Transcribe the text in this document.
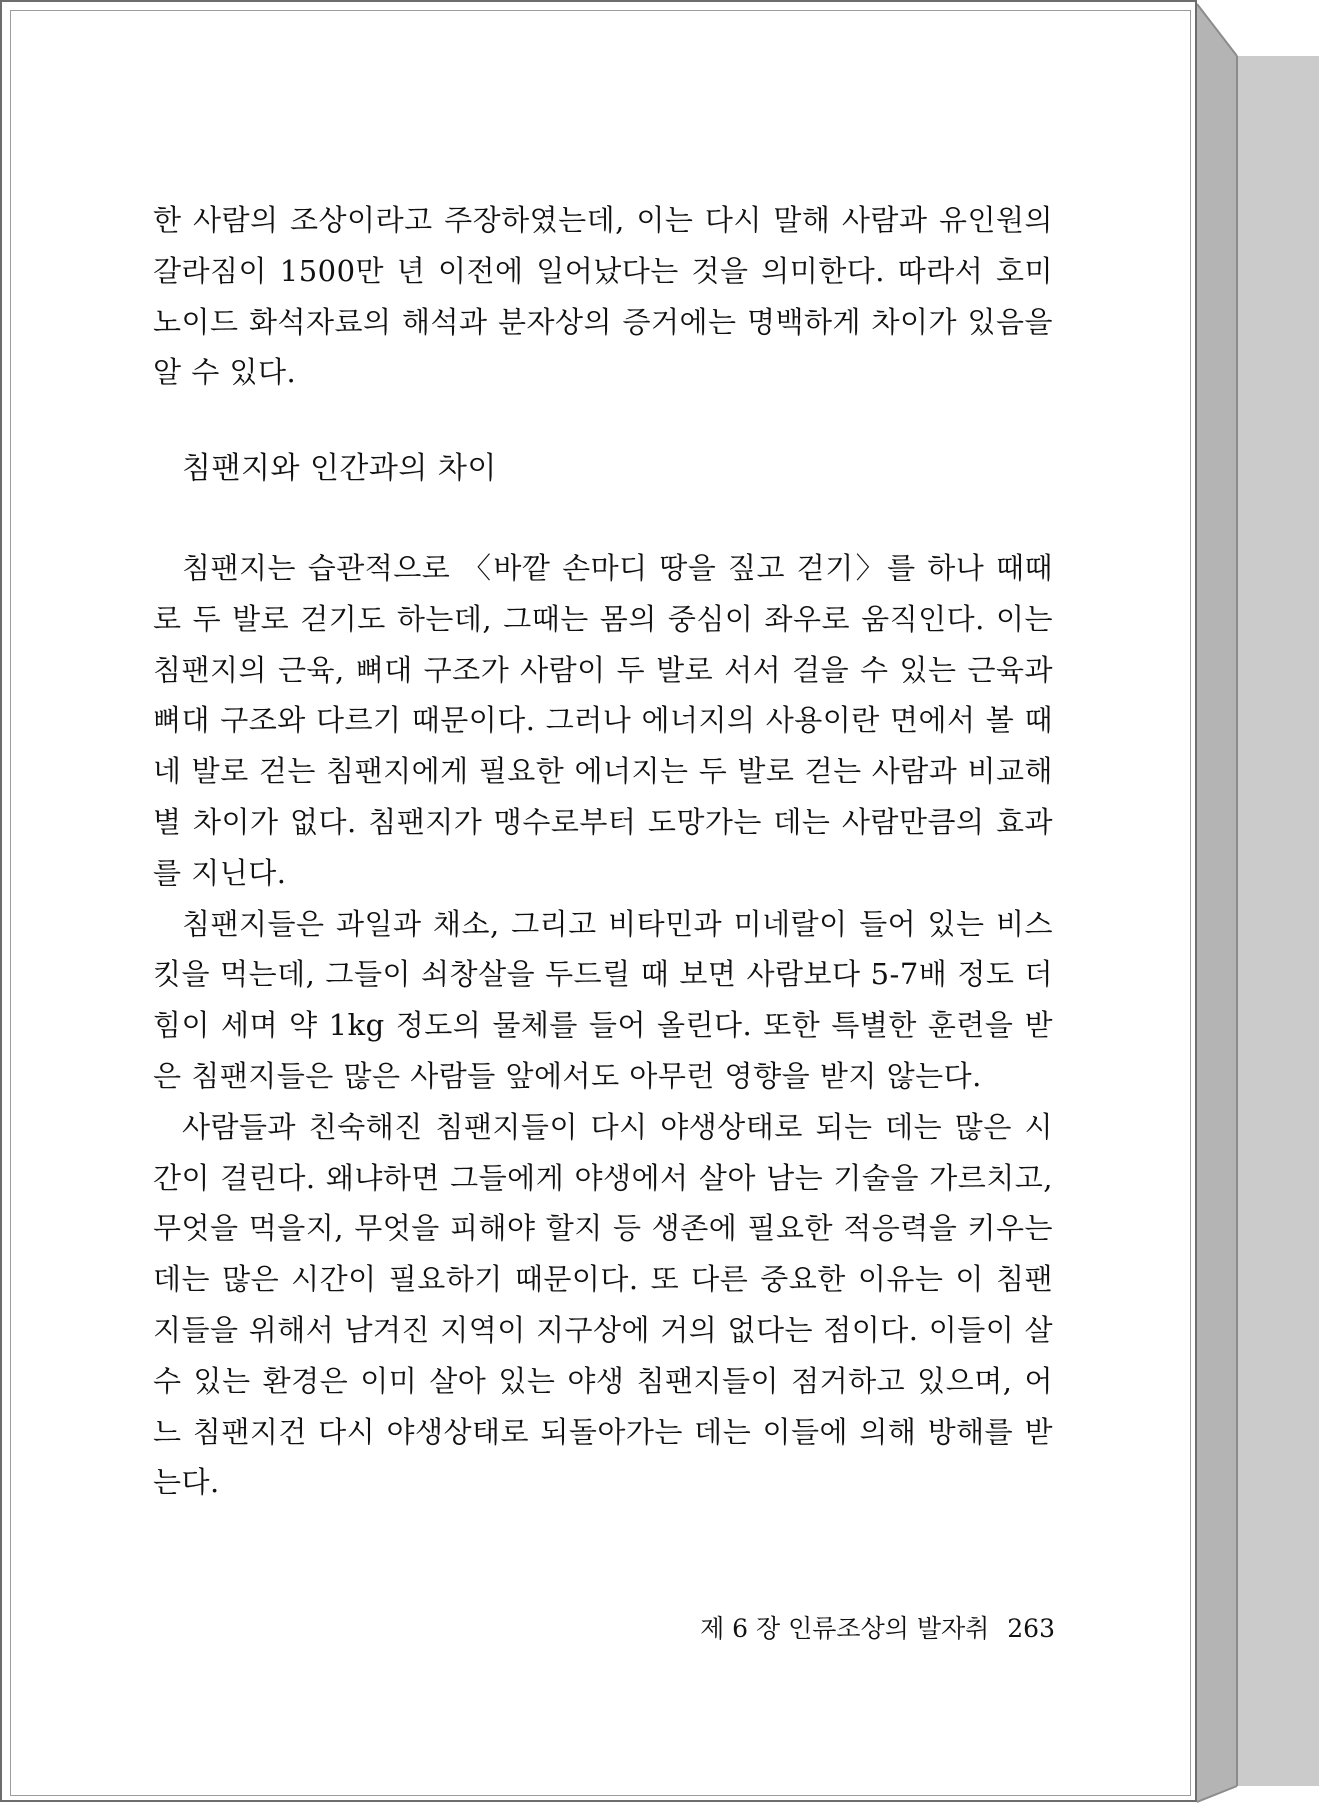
한 사람의 조상이라고 주장하였는데, 이는 다시 말해 사람과 유인원의 갈라짐이 1500만 년 이전에 일어났다는 것을 의미한다. 따라서 호미노이드 화석자료의 해석과 분자상의 증거에는 명백하게 차이가 있음을 알 수 있다.

침팬지와 인간과의 차이

침팬지는 습관적으로 〈바깥 손마디 땅을 짚고 걷기〉를 하나 때때로 두 발로 걷기도 하는데, 그때는 몸의 중심이 좌우로 움직인다. 이는 침팬지의 근육, 뼈대 구조가 사람이 두 발로 서서 걸을 수 있는 근육과 뼈대 구조와 다르기 때문이다. 그러나 에너지의 사용이란 면에서 볼 때 네 발로 걷는 침팬지에게 필요한 에너지는 두 발로 걷는 사람과 비교해 별 차이가 없다. 침팬지가 맹수로부터 도망가는 데는 사람만큼의 효과를 지닌다.

침팬지들은 과일과 채소, 그리고 비타민과 미네랄이 들어 있는 비스킷을 먹는데, 그들이 쇠창살을 두드릴 때 보면 사람보다 5-7배 정도 더 힘이 세며 약 1kg 정도의 물체를 들어 올린다. 또한 특별한 훈련을 받은 침팬지들은 많은 사람들 앞에서도 아무런 영향을 받지 않는다.

사람들과 친숙해진 침팬지들이 다시 야생상태로 되는 데는 많은 시간이 걸린다. 왜냐하면 그들에게 야생에서 살아 남는 기술을 가르치고, 무엇을 먹을지, 무엇을 피해야 할지 등 생존에 필요한 적응력을 키우는 데는 많은 시간이 필요하기 때문이다. 또 다른 중요한 이유는 이 침팬지들을 위해서 남겨진 지역이 지구상에 거의 없다는 점이다. 이들이 살 수 있는 환경은 이미 살아 있는 야생 침팬지들이 점거하고 있으며, 어느 침팬지건 다시 야생상태로 되돌아가는 데는 이들에 의해 방해를 받는다.

제 6 장 인류조상의 발자취 263
